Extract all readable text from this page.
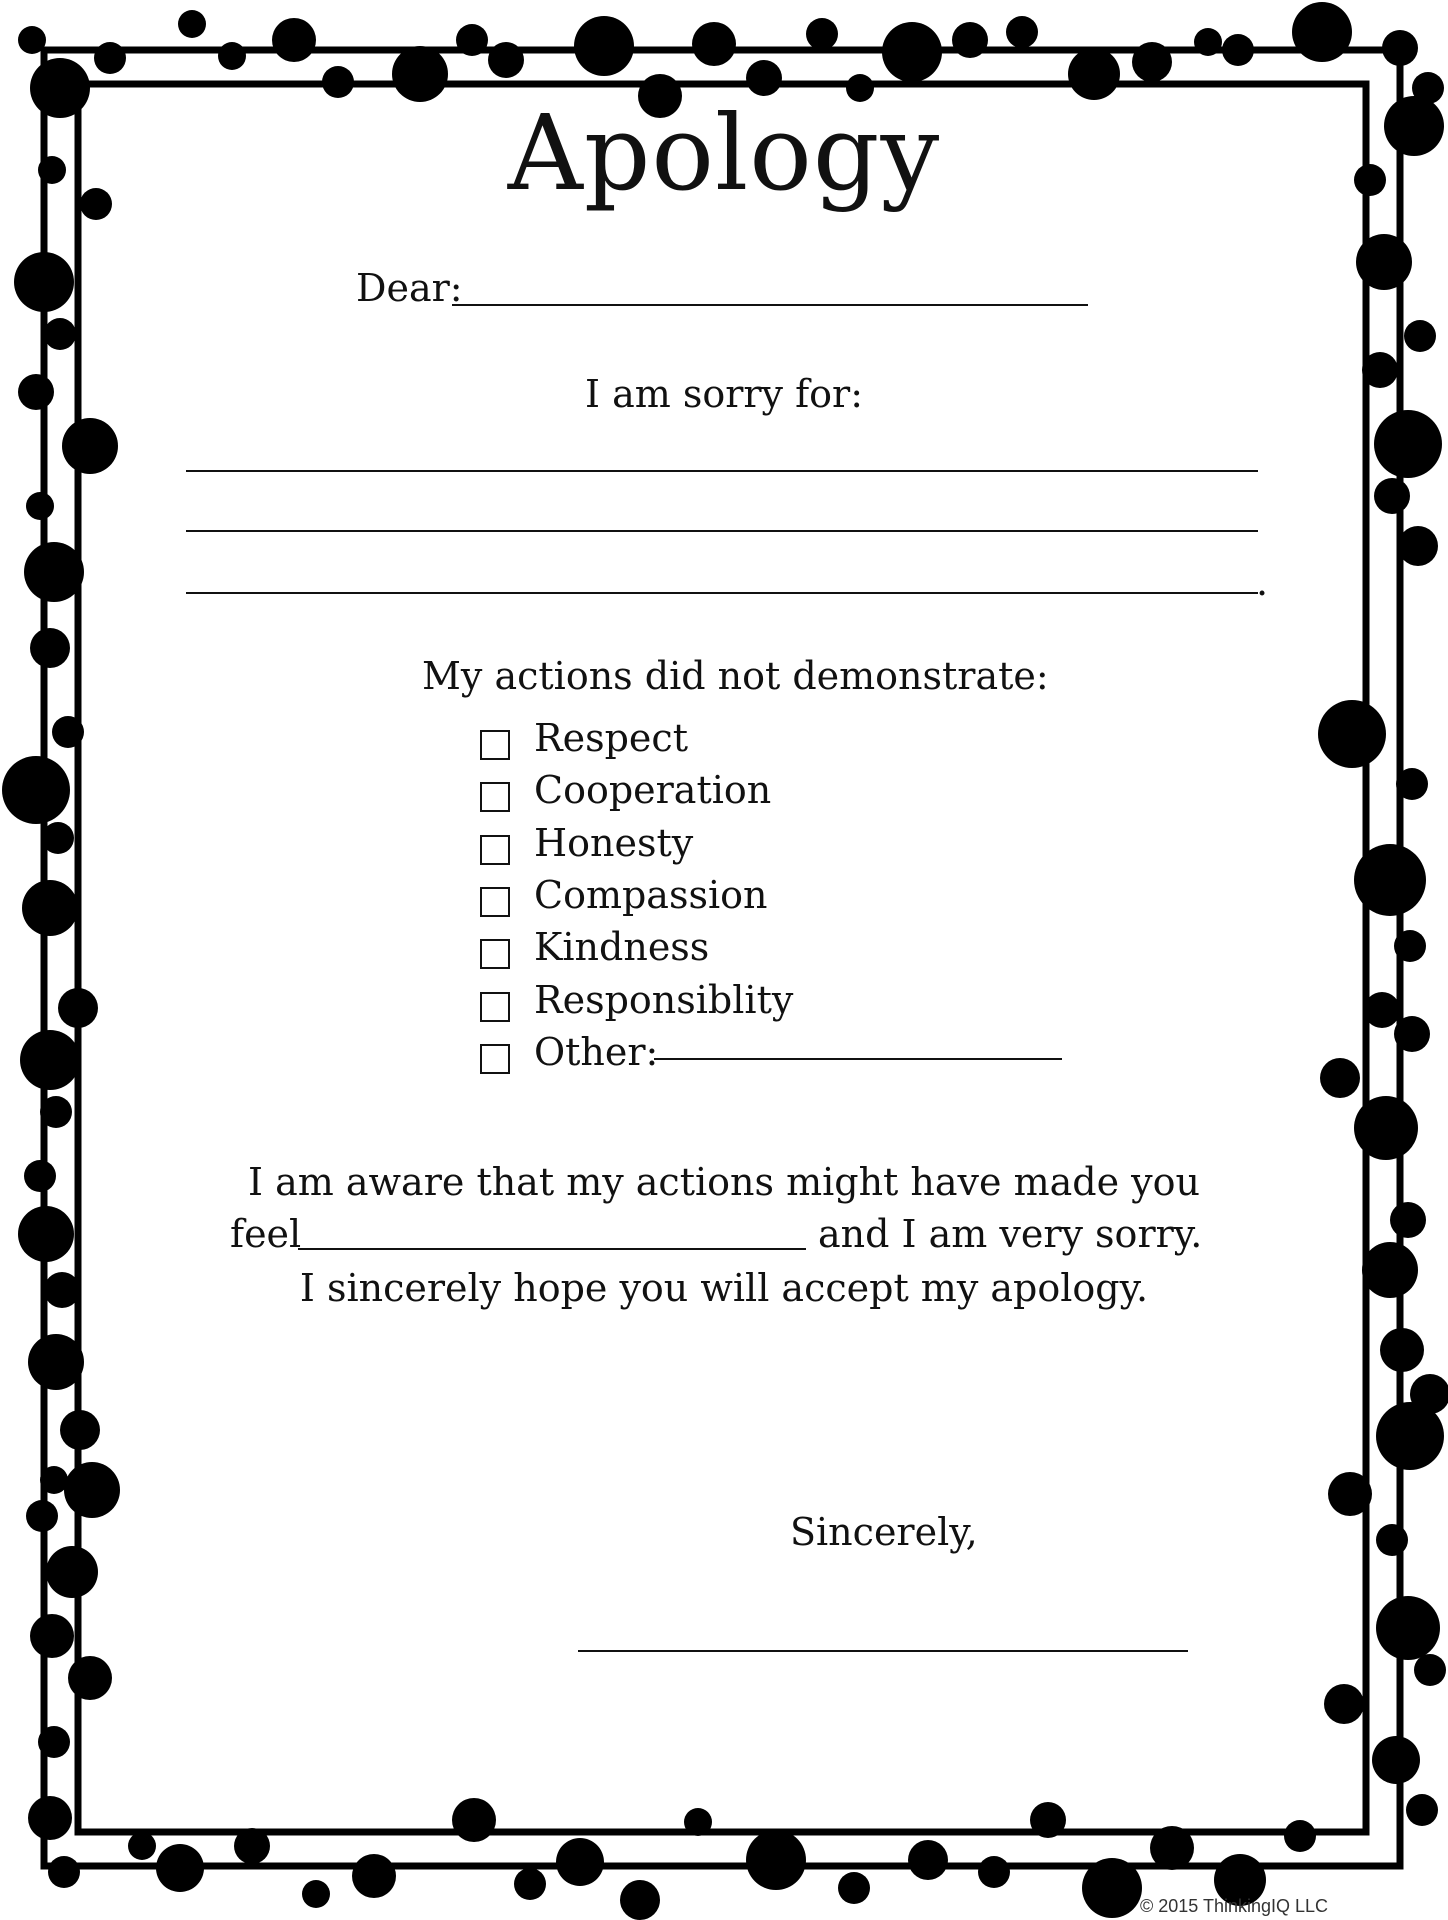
Apology
Dear:
I am sorry for:
.
My actions did not demonstrate:
Respect
Cooperation
Honesty
Compassion
Kindness
Responsiblity
Other:
I am aware that my actions might have made you
feel	and I am very sorry.
I sincerely hope you will accept my apology.
Sincerely,
© 2015 ThinkingIQ LLC
